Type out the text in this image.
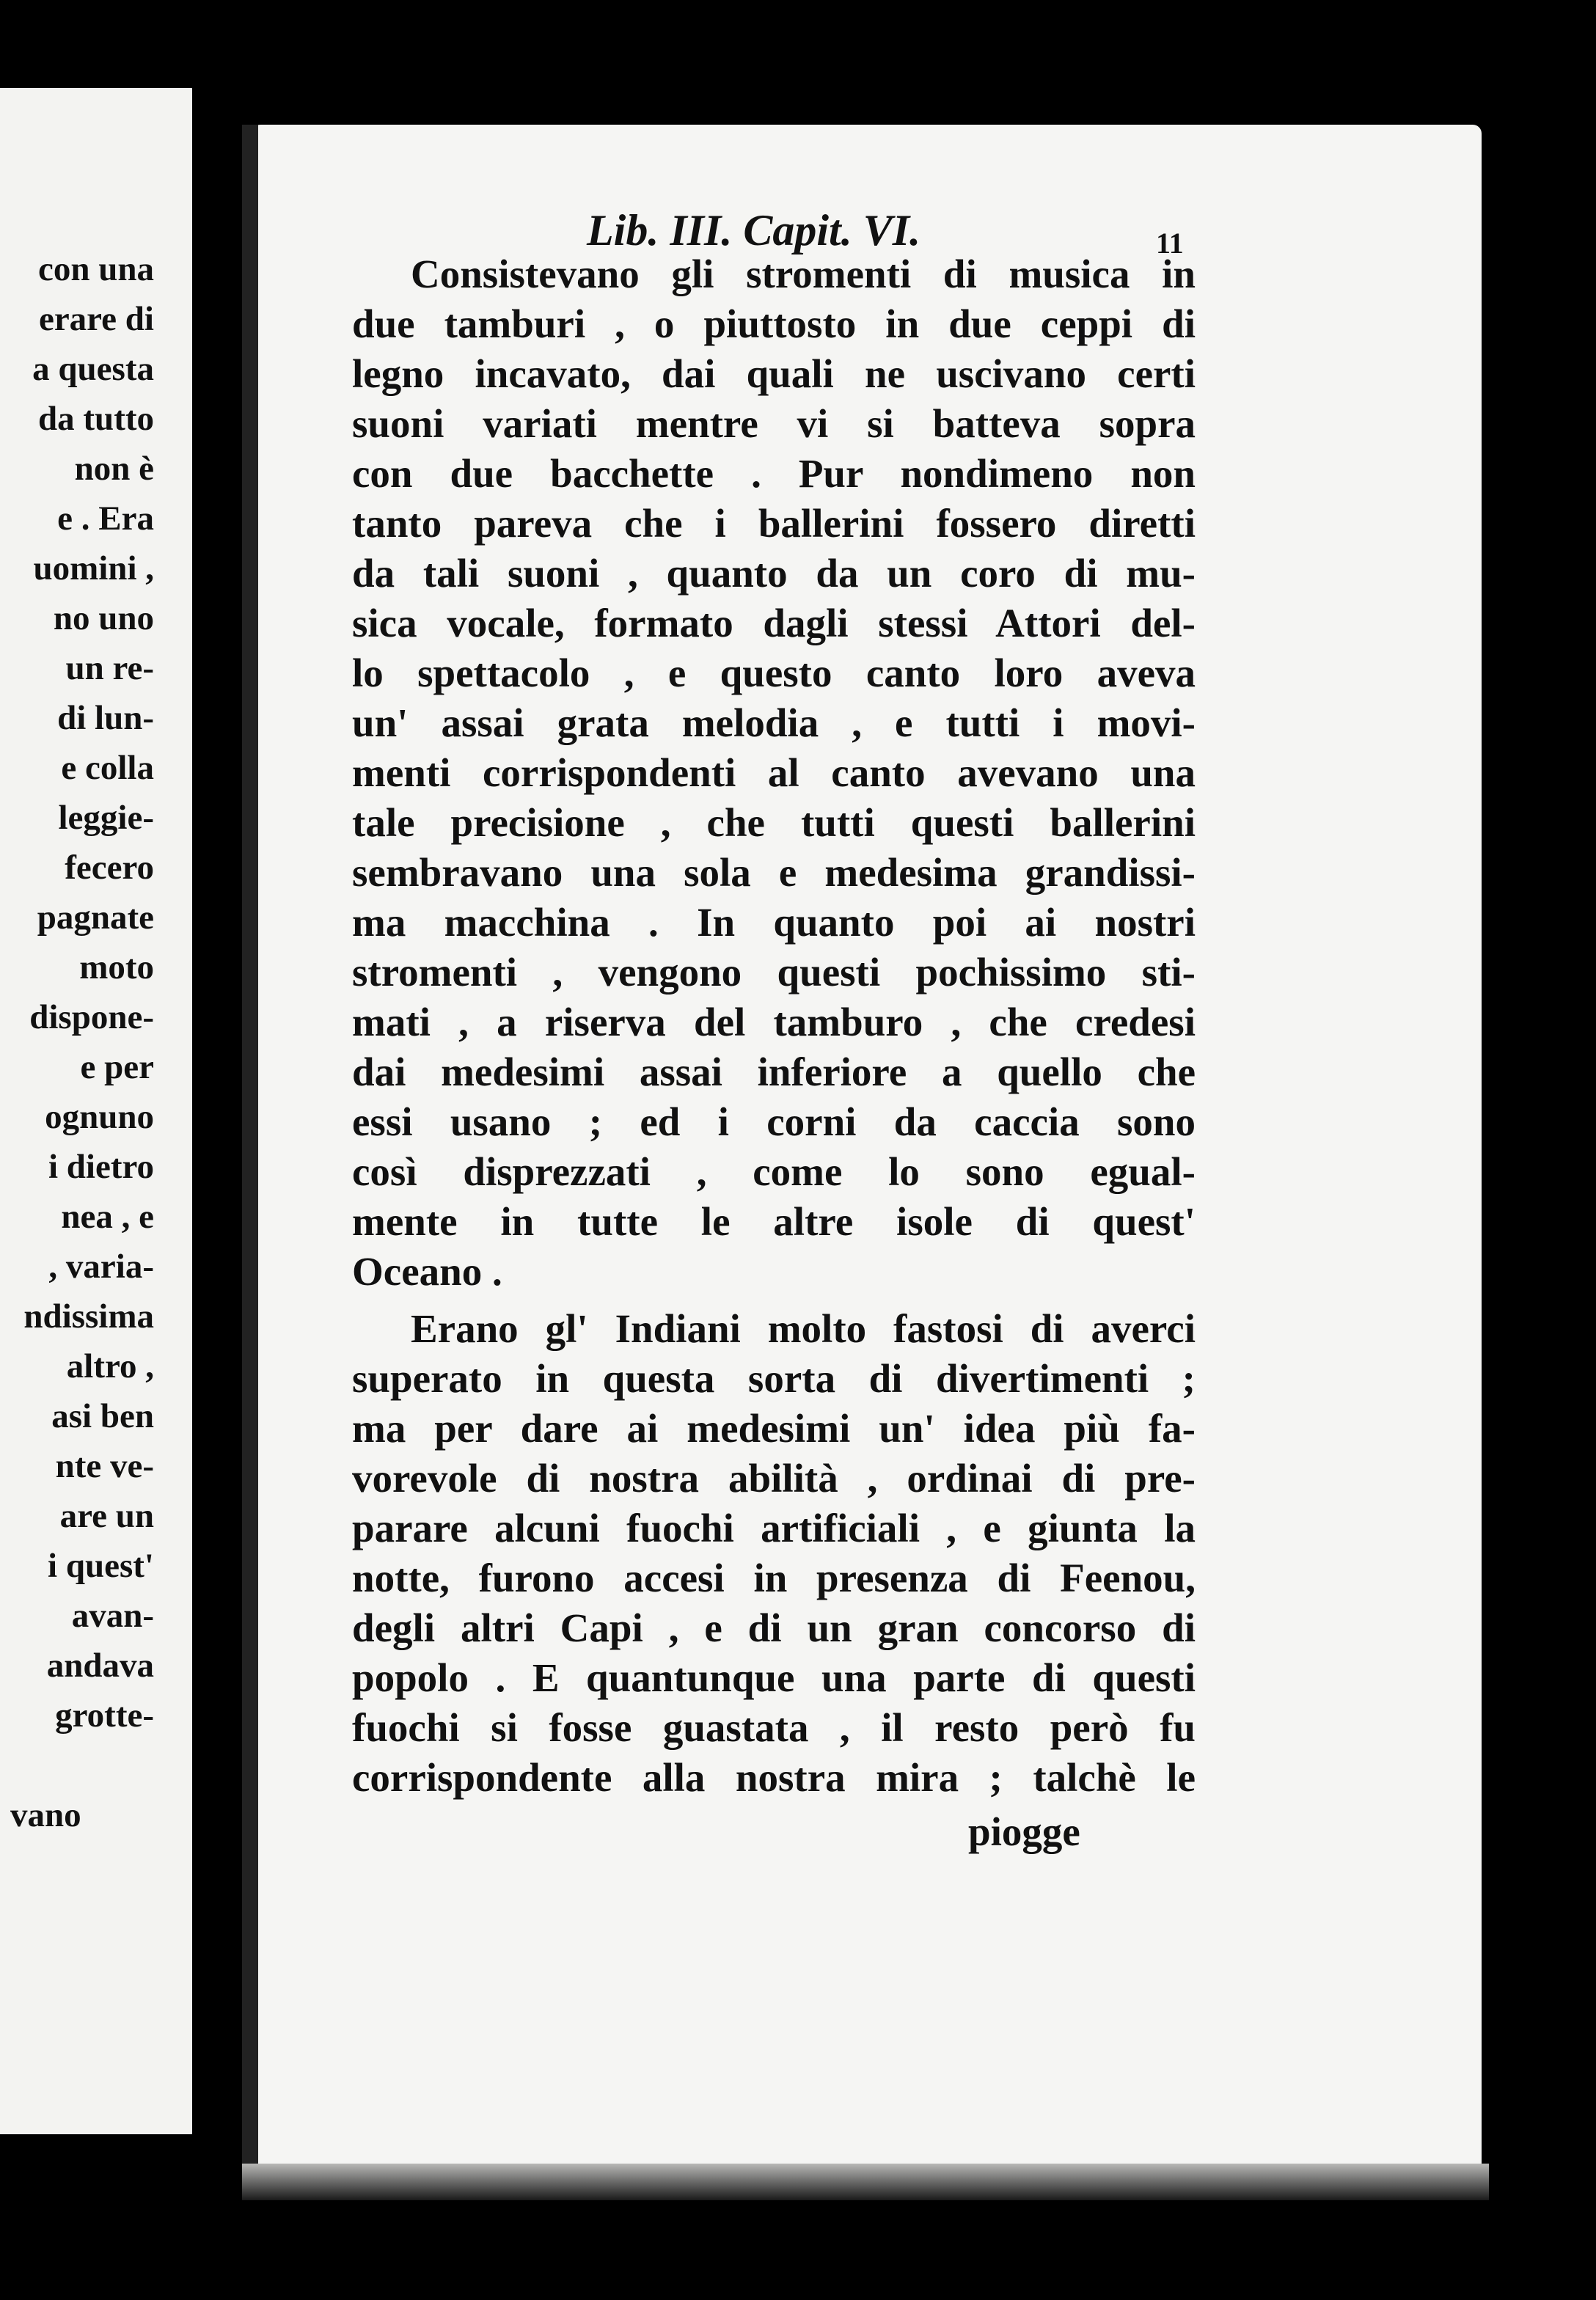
con una
erare di
a questa
da tutto
non è
e . Era
uomini ,
no uno
un re-
di lun-
e colla
leggie-
fecero
pagnate
moto
dispone-
e per
ognuno
i dietro
nea , e
, varia-
ndissima
altro ,
asi ben
nte ve-
are un
i quest'
avan-
andava
grotte-
vano
Lib. III. Capit. VI.	11
Consistevano gli stromenti di musica in
due tamburi , o piuttosto in due ceppi di
legno incavato, dai quali ne uscivano certi
suoni variati mentre vi si batteva sopra
con due bacchette . Pur nondimeno non
tanto pareva che i ballerini fossero diretti
da tali suoni , quanto da un coro di mu-
sica vocale, formato dagli stessi Attori del-
lo spettacolo , e questo canto loro aveva
un' assai grata melodia , e tutti i movi-
menti corrispondenti al canto avevano una
tale precisione , che tutti questi ballerini
sembravano una sola e medesima grandissi-
ma macchina . In quanto poi ai nostri
stromenti , vengono questi pochissimo sti-
mati , a riserva del tamburo , che credesi
dai medesimi assai inferiore a quello che
essi usano ; ed i corni da caccia sono
così disprezzati , come lo sono egual-
mente in tutte le altre isole di quest'
Oceano .
Erano gl' Indiani molto fastosi di averci
superato in questa sorta di divertimenti ;
ma per dare ai medesimi un' idea più fa-
vorevole di nostra abilità , ordinai di pre-
parare alcuni fuochi artificiali , e giunta la
notte, furono accesi in presenza di Feenou,
degli altri Capi , e di un gran concorso di
popolo . E quantunque una parte di questi
fuochi si fosse guastata , il resto però fu
corrispondente alla nostra mira ; talchè le
piogge
